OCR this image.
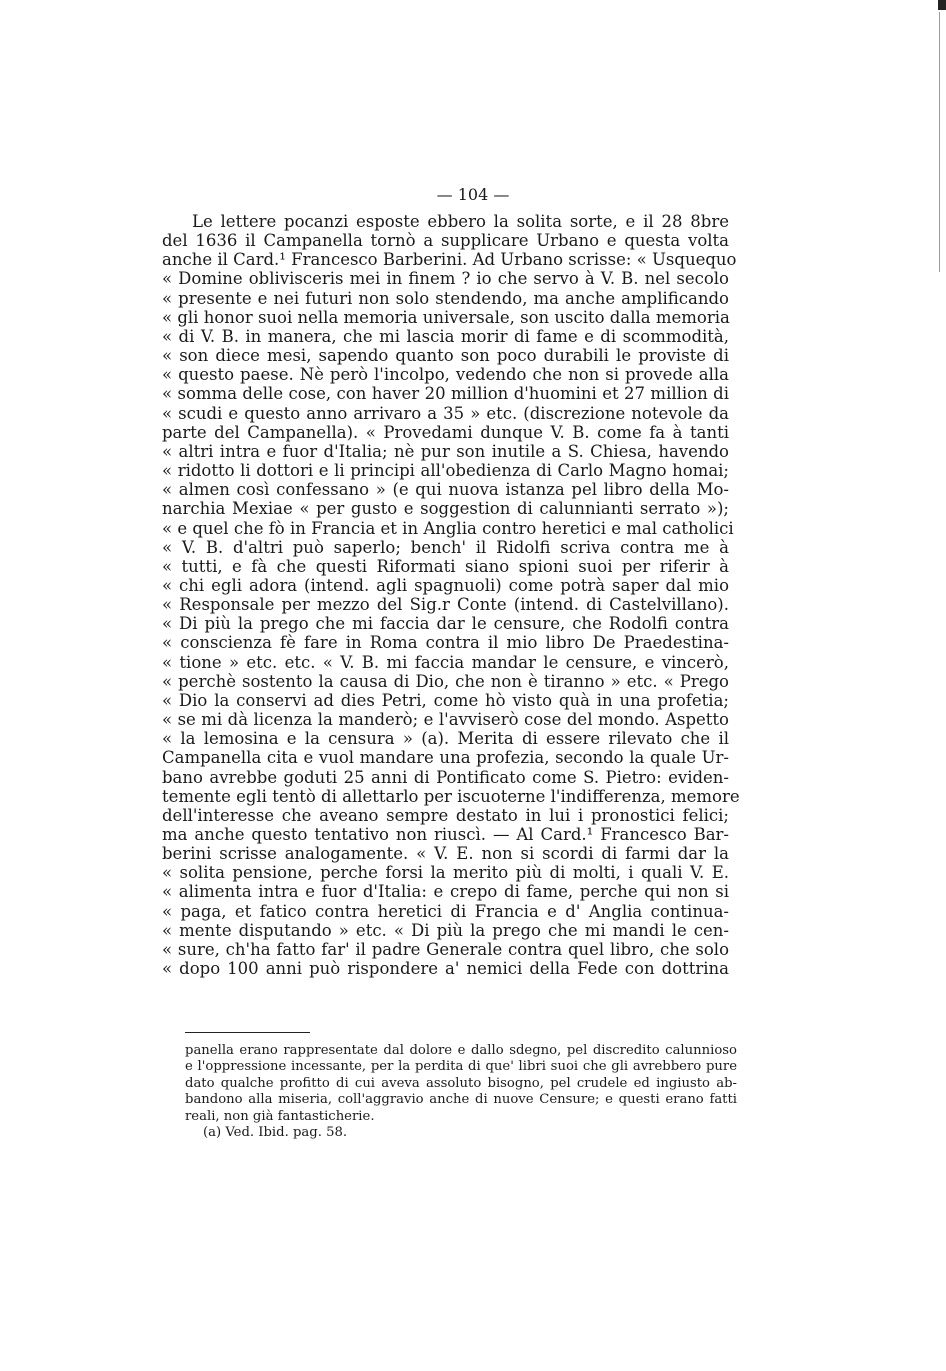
— 104 —
Le lettere pocanzi esposte ebbero la solita sorte, e il 28 8bre
del 1636 il Campanella tornò a supplicare Urbano e questa volta
anche il Card.¹ Francesco Barberini. Ad Urbano scrisse: « Usquequo
« Domine oblivisceris mei in finem ? io che servo à V. B. nel secolo
« presente e nei futuri non solo stendendo, ma anche amplificando
« gli honor suoi nella memoria universale, son uscito dalla memoria
« di V. B. in manera, che mi lascia morir di fame e di scommodità,
« son diece mesi, sapendo quanto son poco durabili le proviste di
« questo paese. Nè però l'incolpo, vedendo che non si provede alla
« somma delle cose, con haver 20 million d'huomini et 27 million di
« scudi e questo anno arrivaro a 35 » etc. (discrezione notevole da
parte del Campanella). « Provedami dunque V. B. come fa à tanti
« altri intra e fuor d'Italia; nè pur son inutile a S. Chiesa, havendo
« ridotto li dottori e li principi all'obedienza di Carlo Magno homai;
« almen così confessano » (e qui nuova istanza pel libro della Mo-
narchia Mexiae « per gusto e soggestion di calunnianti serrato »);
« e quel che fò in Francia et in Anglia contro heretici e mal catholici
« V. B. d'altri può saperlo; bench' il Ridolfi scriva contra me à
« tutti, e fà che questi Riformati siano spioni suoi per riferir à
« chi egli adora (intend. agli spagnuoli) come potrà saper dal mio
« Responsale per mezzo del Sig.r Conte (intend. di Castelvillano).
« Di più la prego che mi faccia dar le censure, che Rodolfi contra
« conscienza fè fare in Roma contra il mio libro De Praedestina-
« tione » etc. etc. « V. B. mi faccia mandar le censure, e vincerò,
« perchè sostento la causa di Dio, che non è tiranno » etc. « Prego
« Dio la conservi ad dies Petri, come hò visto quà in una profetia;
« se mi dà licenza la manderò; e l'avviserò cose del mondo. Aspetto
« la lemosina e la censura » (a). Merita di essere rilevato che il
Campanella cita e vuol mandare una profezia, secondo la quale Ur-
bano avrebbe goduti 25 anni di Pontificato come S. Pietro: eviden-
temente egli tentò di allettarlo per iscuoterne l'indifferenza, memore
dell'interesse che aveano sempre destato in lui i pronostici felici;
ma anche questo tentativo non riuscì. — Al Card.¹ Francesco Bar-
berini scrisse analogamente. « V. E. non si scordi di farmi dar la
« solita pensione, perche forsi la merito più di molti, i quali V. E.
« alimenta intra e fuor d'Italia: e crepo di fame, perche qui non si
« paga, et fatico contra heretici di Francia e d' Anglia continua-
« mente disputando » etc. « Di più la prego che mi mandi le cen-
« sure, ch'ha fatto far' il padre Generale contra quel libro, che solo
« dopo 100 anni può rispondere a' nemici della Fede con dottrina
panella erano rappresentate dal dolore e dallo sdegno, pel discredito calunnioso
e l'oppressione incessante, per la perdita di que' libri suoi che gli avrebbero pure
dato qualche profitto di cui aveva assoluto bisogno, pel crudele ed ingiusto ab-
bandono alla miseria, coll'aggravio anche di nuove Censure; e questi erano fatti
reali, non già fantasticherie.
(a) Ved. Ibid. pag. 58.
